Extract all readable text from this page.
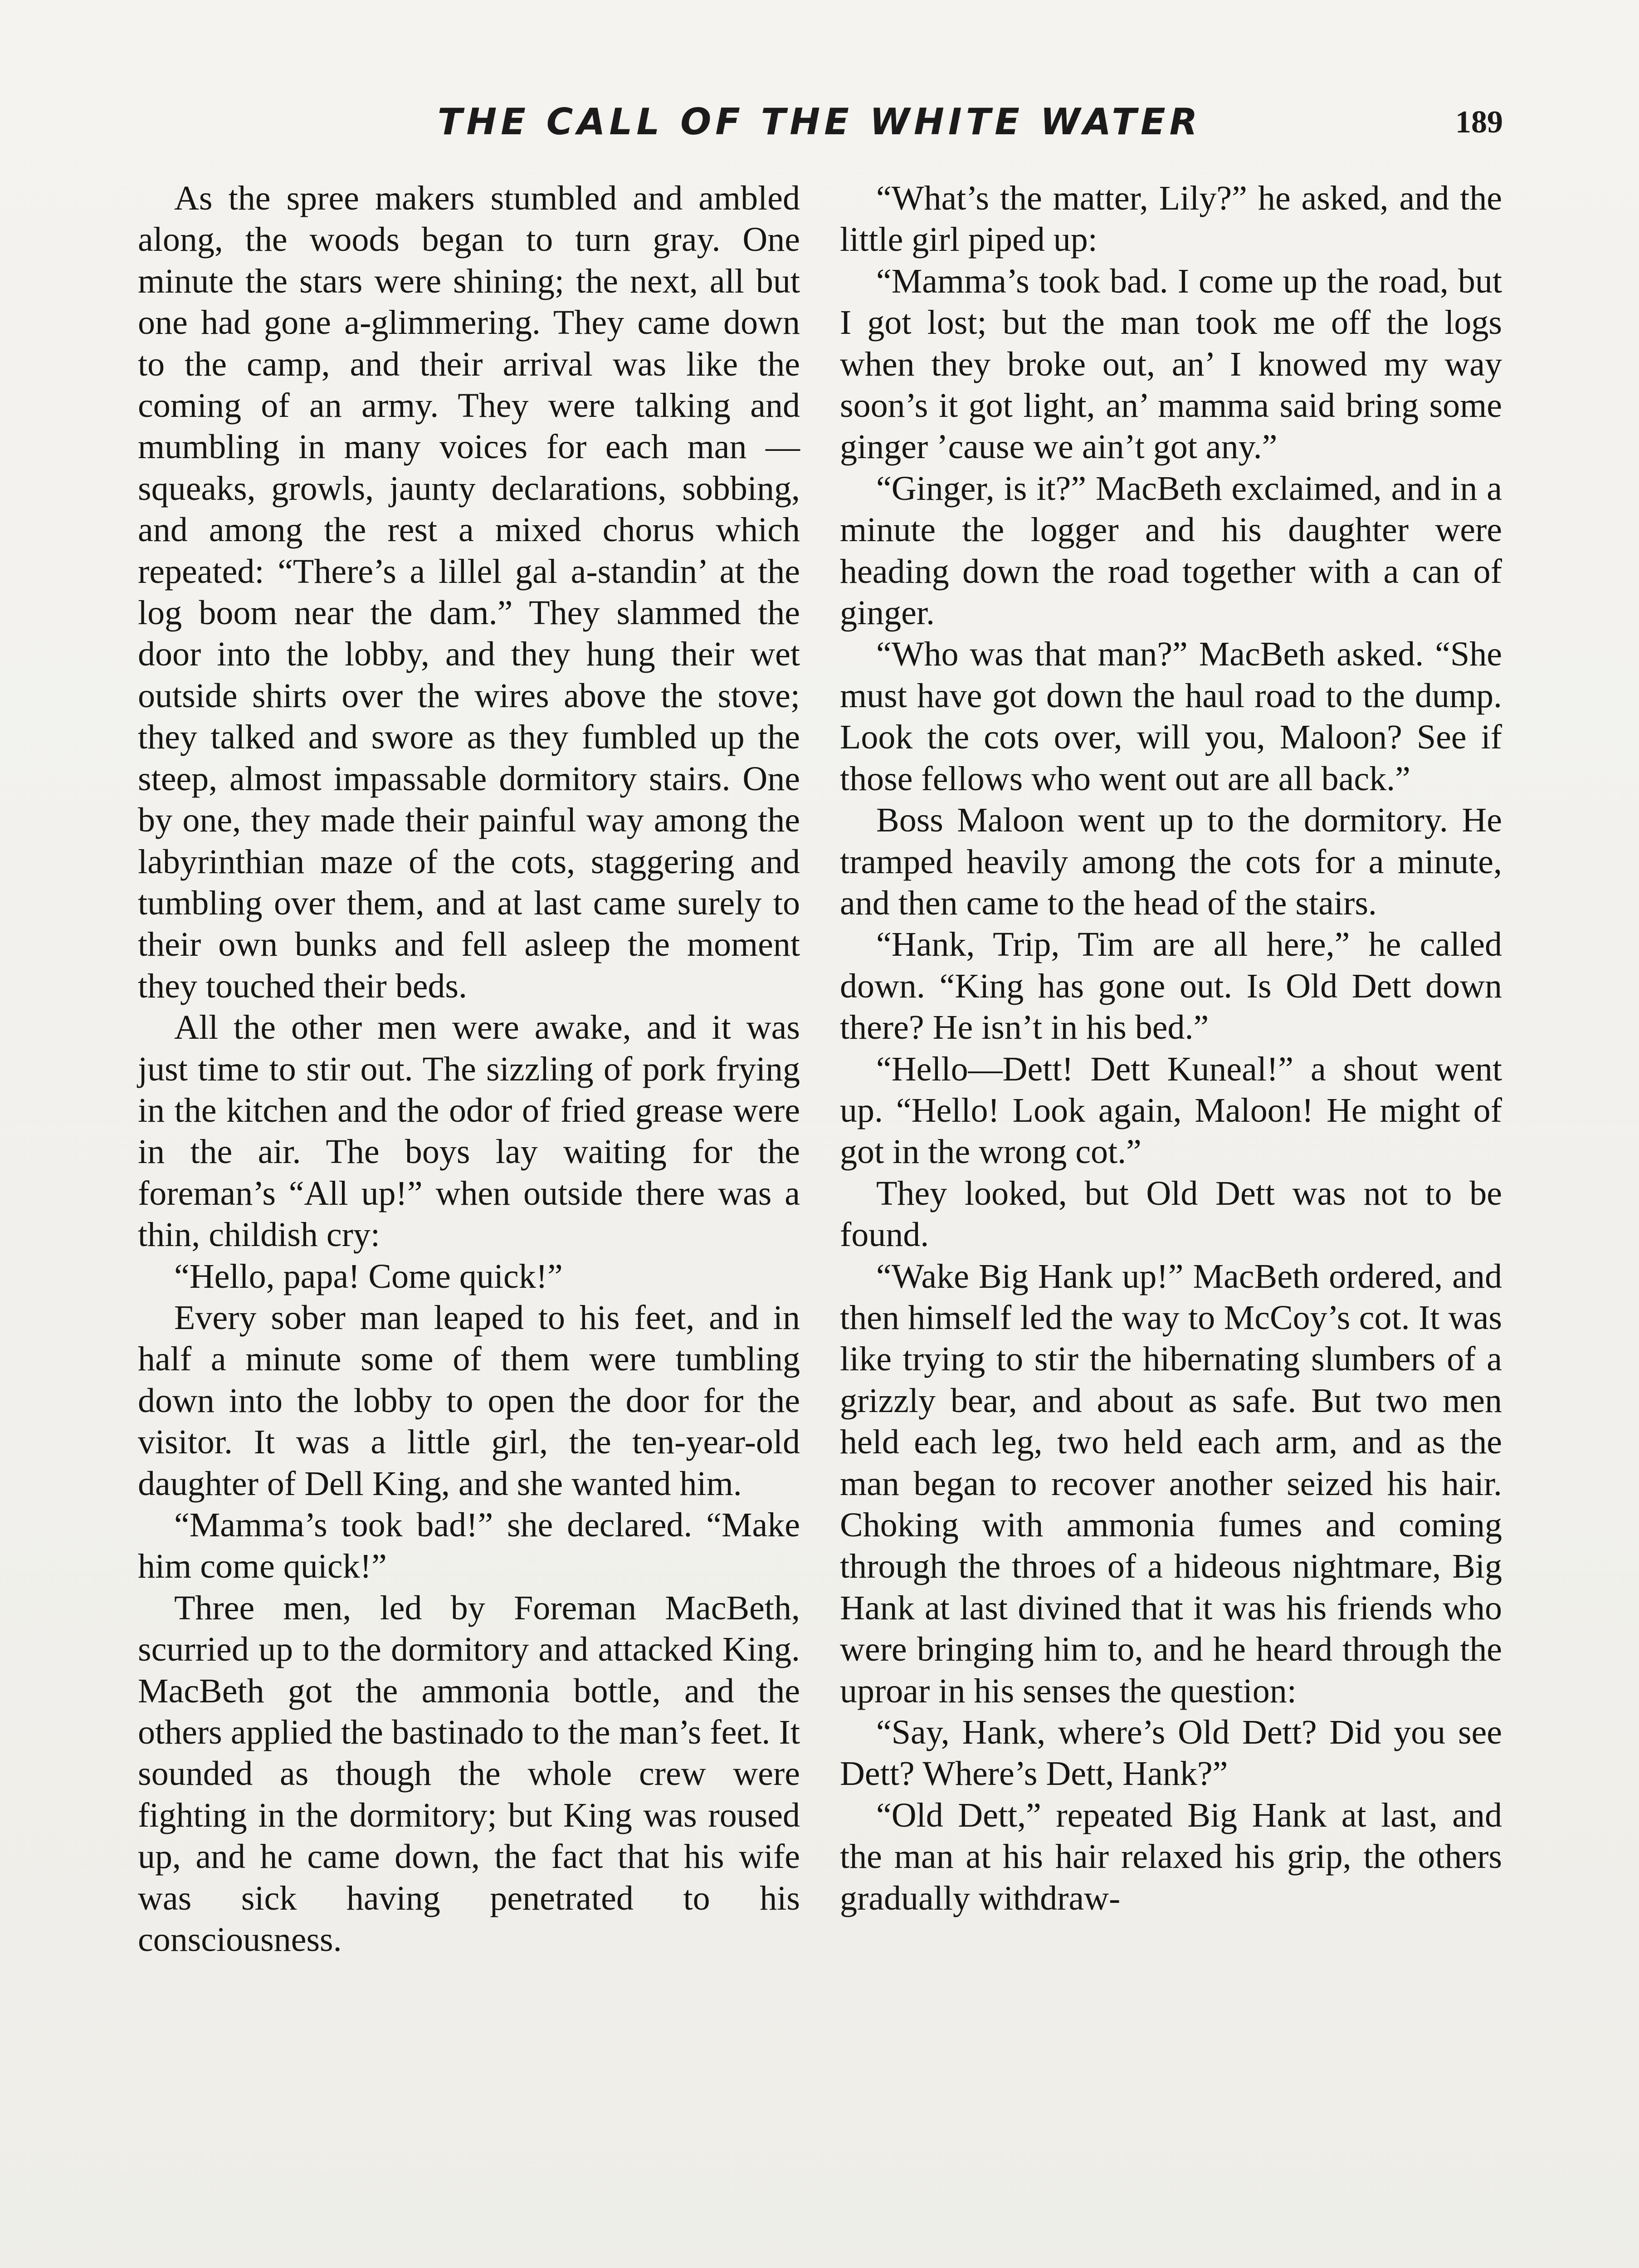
THE CALL OF THE WHITE WATER	189

As the spree makers stumbled and ambled along, the woods began to turn gray. One minute the stars were shining; the next, all but one had gone a-glimmering. They came down to the camp, and their arrival was like the coming of an army. They were talking and mumbling in many voices for each man —squeaks, growls, jaunty declarations, sobbing, and among the rest a mixed chorus which repeated: “There’s a lillel gal a-standin’ at the log boom near the dam.” They slammed the door into the lobby, and they hung their wet outside shirts over the wires above the stove; they talked and swore as they fumbled up the steep, almost impassable dormitory stairs. One by one, they made their painful way among the labyrinthian maze of the cots, staggering and tumbling over them, and at last came surely to their own bunks and fell asleep the moment they touched their beds.

All the other men were awake, and it was just time to stir out. The sizzling of pork frying in the kitchen and the odor of fried grease were in the air. The boys lay waiting for the foreman’s “All up!” when outside there was a thin, childish cry:

“Hello, papa! Come quick!”

Every sober man leaped to his feet, and in half a minute some of them were tumbling down into the lobby to open the door for the visitor. It was a little girl, the ten-year-old daughter of Dell King, and she wanted him.

“Mamma’s took bad!” she declared. “Make him come quick!”

Three men, led by Foreman MacBeth, scurried up to the dormitory and attacked King. MacBeth got the ammonia bottle, and the others applied the bastinado to the man’s feet. It sounded as though the whole crew were fighting in the dormitory; but King was roused up, and he came down, the fact that his wife was sick having penetrated to his consciousness.

“What’s the matter, Lily?” he asked, and the little girl piped up:

“Mamma’s took bad. I come up the road, but I got lost; but the man took me off the logs when they broke out, an’ I knowed my way soon’s it got light, an’ mamma said bring some ginger ’cause we ain’t got any.”

“Ginger, is it?” MacBeth exclaimed, and in a minute the logger and his daughter were heading down the road together with a can of ginger.

“Who was that man?” MacBeth asked. “She must have got down the haul road to the dump. Look the cots over, will you, Maloon? See if those fellows who went out are all back.”

Boss Maloon went up to the dormitory. He tramped heavily among the cots for a minute, and then came to the head of the stairs.

“Hank, Trip, Tim are all here,” he called down. “King has gone out. Is Old Dett down there? He isn’t in his bed.”

“Hello—Dett! Dett Kuneal!” a shout went up. “Hello! Look again, Maloon! He might of got in the wrong cot.”

They looked, but Old Dett was not to be found.

“Wake Big Hank up!” MacBeth ordered, and then himself led the way to McCoy’s cot. It was like trying to stir the hibernating slumbers of a grizzly bear, and about as safe. But two men held each leg, two held each arm, and as the man began to recover another seized his hair. Choking with ammonia fumes and coming through the throes of a hideous nightmare, Big Hank at last divined that it was his friends who were bringing him to, and he heard through the uproar in his senses the question:

“Say, Hank, where’s Old Dett? Did you see Dett? Where’s Dett, Hank?”

“Old Dett,” repeated Big Hank at last, and the man at his hair relaxed his grip, the others gradually withdraw-
